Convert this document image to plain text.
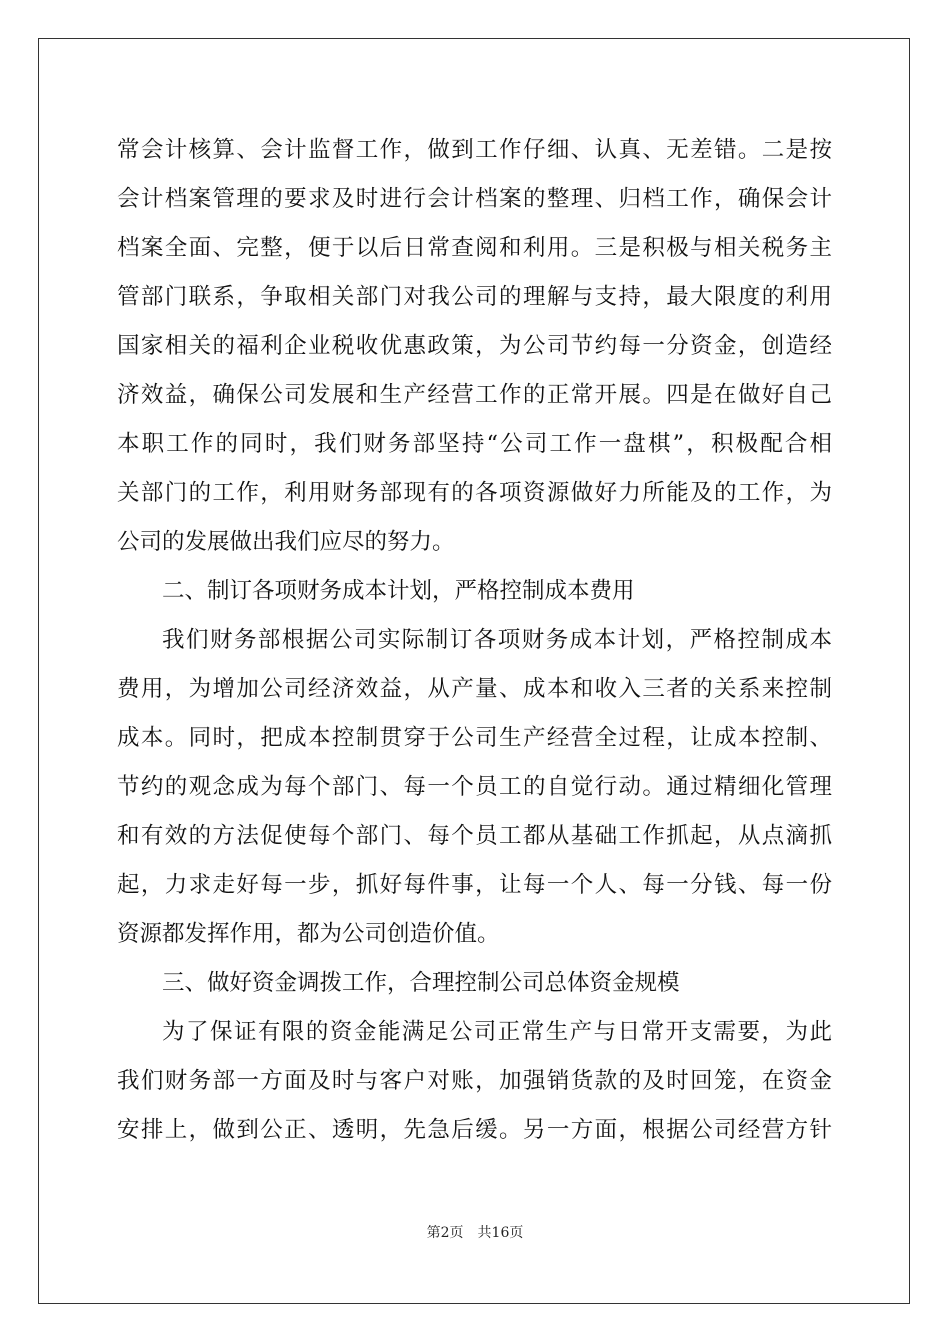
常会计核算、会计监督工作，做到工作仔细、认真、无差错。二是按
会计档案管理的要求及时进行会计档案的整理、归档工作，确保会计
档案全面、完整，便于以后日常查阅和利用。三是积极与相关税务主
管部门联系，争取相关部门对我公司的理解与支持，最大限度的利用
国家相关的福利企业税收优惠政策，为公司节约每一分资金，创造经
济效益，确保公司发展和生产经营工作的正常开展。四是在做好自己
本职工作的同时，我们财务部坚持“公司工作一盘棋”，积极配合相
关部门的工作，利用财务部现有的各项资源做好力所能及的工作，为
公司的发展做出我们应尽的努力。
二、制订各项财务成本计划，严格控制成本费用
我们财务部根据公司实际制订各项财务成本计划，严格控制成本
费用，为增加公司经济效益，从产量、成本和收入三者的关系来控制
成本。同时，把成本控制贯穿于公司生产经营全过程，让成本控制、
节约的观念成为每个部门、每一个员工的自觉行动。通过精细化管理
和有效的方法促使每个部门、每个员工都从基础工作抓起，从点滴抓
起，力求走好每一步，抓好每件事，让每一个人、每一分钱、每一份
资源都发挥作用，都为公司创造价值。
三、做好资金调拨工作，合理控制公司总体资金规模
为了保证有限的资金能满足公司正常生产与日常开支需要，为此
我们财务部一方面及时与客户对账，加强销货款的及时回笼，在资金
安排上，做到公正、透明，先急后缓。另一方面，根据公司经营方针
第2页 共16页
